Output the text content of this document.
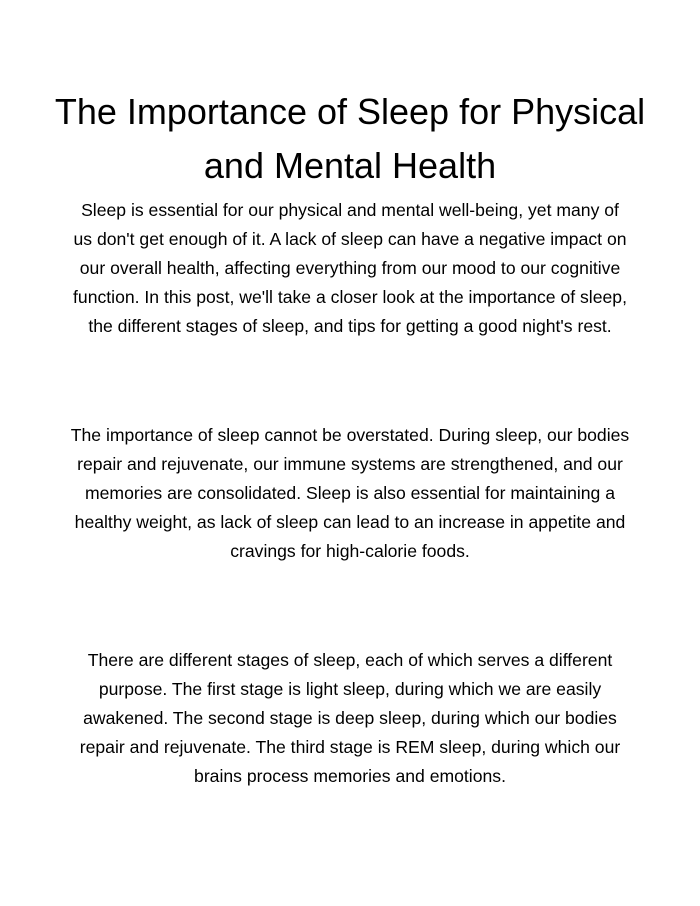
The Importance of Sleep for Physical and Mental Health

Sleep is essential for our physical and mental well-being, yet many of us don't get enough of it. A lack of sleep can have a negative impact on our overall health, affecting everything from our mood to our cognitive function. In this post, we'll take a closer look at the importance of sleep, the different stages of sleep, and tips for getting a good night's rest.

The importance of sleep cannot be overstated. During sleep, our bodies repair and rejuvenate, our immune systems are strengthened, and our memories are consolidated. Sleep is also essential for maintaining a healthy weight, as lack of sleep can lead to an increase in appetite and cravings for high-calorie foods.

There are different stages of sleep, each of which serves a different purpose. The first stage is light sleep, during which we are easily awakened. The second stage is deep sleep, during which our bodies repair and rejuvenate. The third stage is REM sleep, during which our brains process memories and emotions.
